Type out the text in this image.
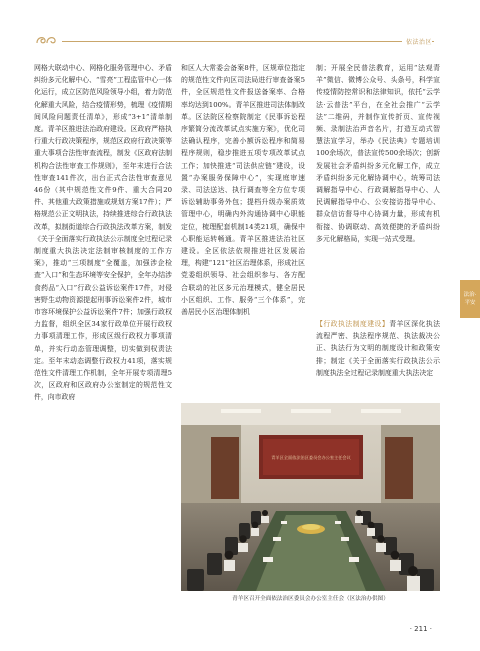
依法治区

网格大联动中心、网格化服务管理中心、矛盾纠纷多元化解中心、“雪亮”工程监管中心一体化运行，成立区防范风险领导小组，着力防范化解重大风险，结合疫情形势，梳理《疫情期间风险问题责任清单》，形成“3+1”清单制度。青羊区推进法治政府建设。区政府严格执行重大行政决策程序，规范区政府行政决策等重大事项合法性审查流程，制发《区政府法制机构合法性审查工作规则》，至年末进行合法性审查141件次，出台正式合法性审查意见46份（其中规范性文件9件、重大合同20件、其他重大政策措施或规划方案17件）；严格规范公正文明执法，持续推进综合行政执法改革，拟制街道综合行政执法改革方案，制发《关于全面落实行政执法公示制度全过程记录制度重大执法决定法制审核制度的工作方案》，推动“三项制度”全覆盖，加强涉企检查“入口”和生态环境等安全保护，全年办结涉食药品“入口”行政公益诉讼案件17件，对侵害野生动物资源提起刑事诉讼案件2件，城市市容环境保护公益诉讼案件7件；加强行政权力监督，组织全区34家行政单位开展行政权力事项清理工作，形成区级行政权力事项清单，并实行动态管理调整，切实做到权责法定。至年末动态调整行政权力41项，落实规范性文件清理工作机制，全年开展专项清理5次，区政府和区政府办公室制定的规范性文件，向市政府

和区人大常委会备案8件，区规章位指定的规范性文件向区司法局进行审查备案5件，全区规范性文件报送备案率、合格率均达到100%。青羊区推进司法体制改革。区法院区检察院制定《民事诉讼程序繁简分流改革试点实施方案》，优化司法确认程序，完善小额诉讼程序和简易程序规则，稳步推进五项专项改革试点工作；加快推进“司法供应链”建设，设置“办案服务保障中心”，实现庭审速录、司法送达、执行调查等全方位专项诉讼辅助事务外包；提档升级办案质效管理中心，明确内外沟通协调中心职能定位，梳理配套机制14类21项，确保中心职能运转畅通。青羊区推进法治社区建设。全区依法依规推进社区发展治理，构建“121”社区治理体系，形成社区党委组织领导、社会组织参与、各方配合联动的社区多元治理模式，健全居民小区组织、工作、服务“三个体系”，完善居民小区治理体制机

制；开展全民普法教育，运用“法观青羊”微信、微博公众号、头条号，科学宣传疫情防控常识和法律知识，依托“云学法·云普法”平台，在全社会推广“云学法”二维码，并制作宣传折页、宣传视频、录制法治声音名片，打造互动式智慧法宣学习，举办《民法典》专题培训100余场次，普法宣传500余场次；创新发展社会矛盾纠纷多元化解工作，成立矛盾纠纷多元化解协调中心，统筹司法调解指导中心、行政调解指导中心、人民调解指导中心、公安接访指导中心、群众信访督导中心协调力量，形成有机衔接、协调联动、高效便捷的矛盾纠纷多元化解格局，实现一站式受理。

【行政执法制度建设】青羊区深化执法流程严密、执法程序规范、执法裁决公正、执法行为文明的制度设计和政策安排；制定《关于全面落实行政执法公示制度执法全过程记录制度重大执法决定

法治·
平安
青羊区全面依法治区委员会办公室主任会议
青羊区召开全面依法治区委员会办公室主任会（区法治办供图）
· 211 ·
